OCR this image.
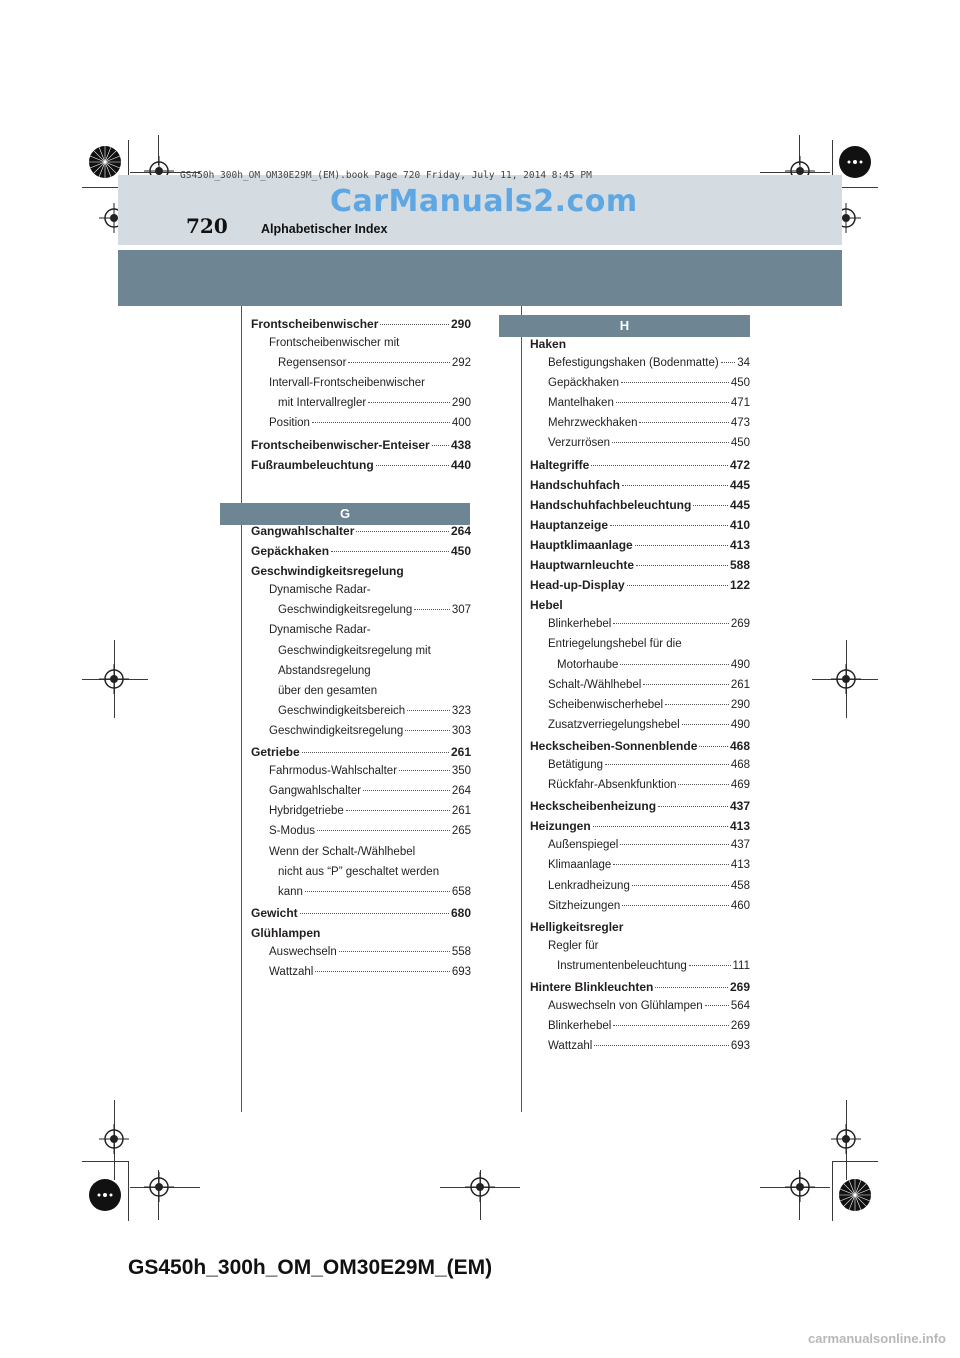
GS450h_300h_OM_OM30E29M_(EM).book Page 720 Friday, July 11, 2014 8:45 PM
CarManuals2.com
720	Alphabetischer Index
Frontscheibenwischer	290
Frontscheibenwischer mit
Regensensor	292
Intervall-Frontscheibenwischer
mit Intervallregler	290
Position	400
Frontscheibenwischer-Enteiser 438
Fußraumbeleuchtung	440
G
Gangwahlschalter	264
Gepäckhaken	450
Geschwindigkeitsregelung
Dynamische Radar-
Geschwindigkeitsregelung	307
Dynamische Radar-
Geschwindigkeitsregelung mit
Abstandsregelung
über den gesamten
Geschwindigkeitsbereich	323
Geschwindigkeitsregelung	303
Getriebe	261
Fahrmodus-Wahlschalter	350
Gangwahlschalter	264
Hybridgetriebe	261
S-Modus	265
Wenn der Schalt-/Wählhebel
nicht aus “P” geschaltet werden
kann	658
Gewicht	680
Glühlampen
Auswechseln	558
Wattzahl	693
H
Haken
Befestigungshaken (Bodenmatte) 34
Gepäckhaken	450
Mantelhaken	471
Mehrzweckhaken	473
Verzurrösen	450
Haltegriffe	472
Handschuhfach	445
Handschuhfachbeleuchtung	445
Hauptanzeige	410
Hauptklimaanlage	413
Hauptwarnleuchte	588
Head-up-Display	122
Hebel
Blinkerhebel	269
Entriegelungshebel für die
Motorhaube	490
Schalt-/Wählhebel	261
Scheibenwischerhebel	290
Zusatzverriegelungshebel	490
Heckscheiben-Sonnenblende	468
Betätigung	468
Rückfahr-Absenkfunktion	469
Heckscheibenheizung	437
Heizungen	413
Außenspiegel	437
Klimaanlage	413
Lenkradheizung	458
Sitzheizungen	460
Helligkeitsregler
Regler für
Instrumentenbeleuchtung	111
Hintere Blinkleuchten	269
Auswechseln von Glühlampen 564
Blinkerhebel	269
Wattzahl	693
GS450h_300h_OM_OM30E29M_(EM)
carmanualsonline.info
